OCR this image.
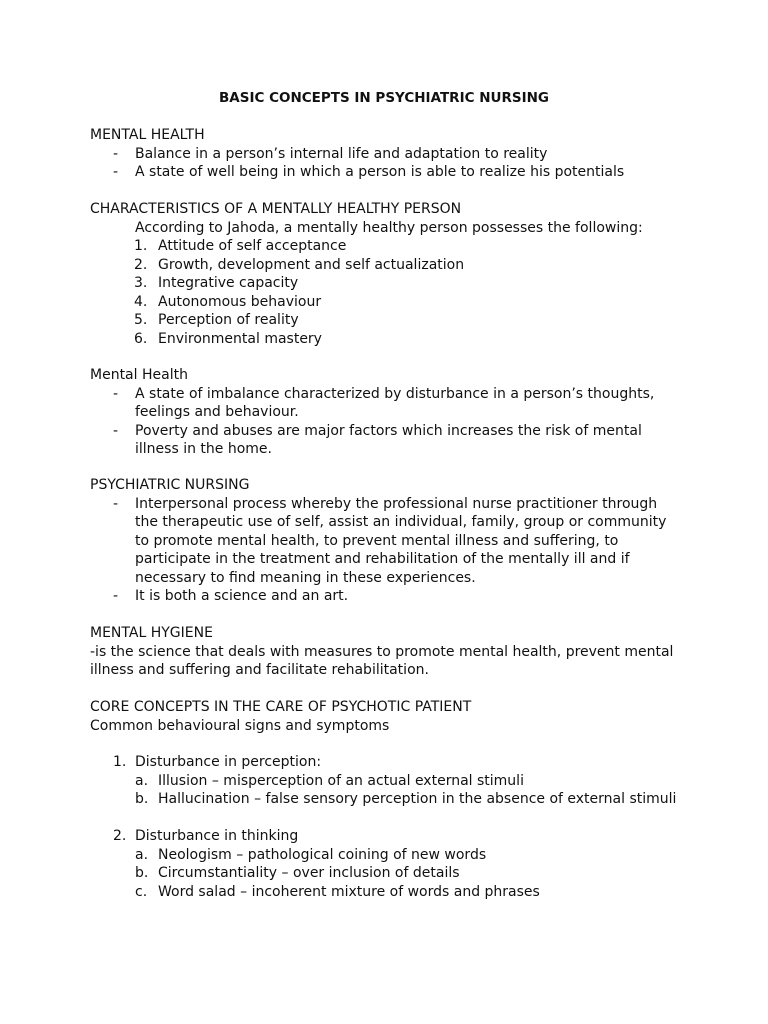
BASIC CONCEPTS IN PSYCHIATRIC NURSING
MENTAL HEALTH
- Balance in a person’s internal life and adaptation to reality
- A state of well being in which a person is able to realize his potentials
CHARACTERISTICS OF A MENTALLY HEALTHY PERSON
According to Jahoda, a mentally healthy person possesses the following:
1. Attitude of self acceptance
2. Growth, development and self actualization
3. Integrative capacity
4. Autonomous behaviour
5. Perception of reality
6. Environmental mastery
Mental Health
- A state of imbalance characterized by disturbance in a person’s thoughts,
feelings and behaviour.
- Poverty and abuses are major factors which increases the risk of mental
illness in the home.
PSYCHIATRIC NURSING
- Interpersonal process whereby the professional nurse practitioner through
the therapeutic use of self, assist an individual, family, group or community
to promote mental health, to prevent mental illness and suffering, to
participate in the treatment and rehabilitation of the mentally ill and if
necessary to find meaning in these experiences.
- It is both a science and an art.
MENTAL HYGIENE
-is the science that deals with measures to promote mental health, prevent mental
illness and suffering and facilitate rehabilitation.
CORE CONCEPTS IN THE CARE OF PSYCHOTIC PATIENT
Common behavioural signs and symptoms
1. Disturbance in perception:
a. Illusion – misperception of an actual external stimuli
b. Hallucination – false sensory perception in the absence of external stimuli
2. Disturbance in thinking
a. Neologism – pathological coining of new words
b. Circumstantiality – over inclusion of details
c. Word salad – incoherent mixture of words and phrases
